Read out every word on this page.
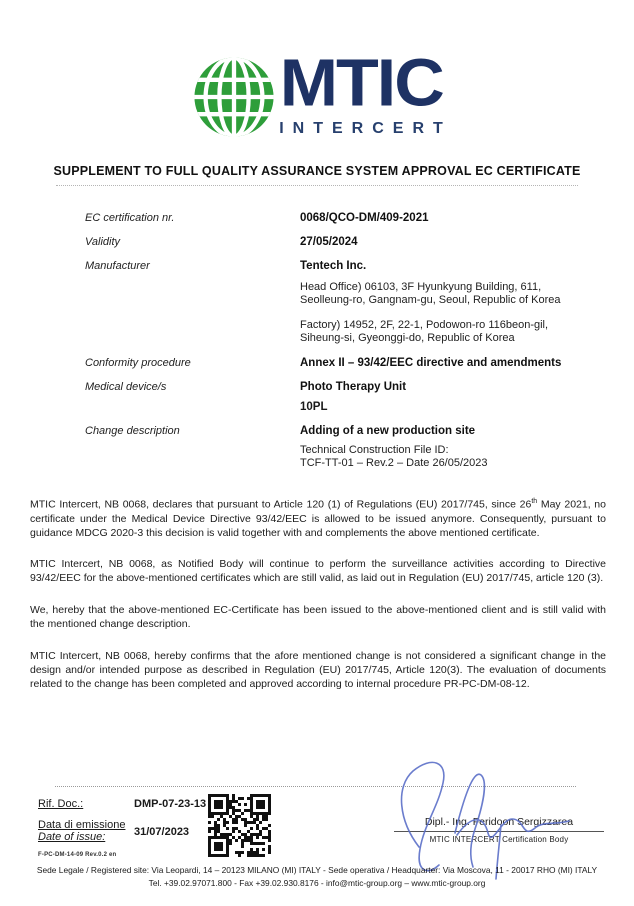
MTIC
INTERCERT
SUPPLEMENT TO FULL QUALITY ASSURANCE SYSTEM APPROVAL EC CERTIFICATE
EC certification nr.	0068/QCO-DM/409-2021
Validity	27/05/2024
Manufacturer	Tentech Inc.
Head Office) 06103, 3F Hyunkyung Building, 611, Seolleung-ro, Gangnam-gu, Seoul, Republic of Korea
Factory) 14952, 2F, 22-1, Podowon-ro 116beon-gil, Siheung-si, Gyeonggi-do, Republic of Korea
Conformity procedure	Annex II – 93/42/EEC directive and amendments
Medical device/s	Photo Therapy Unit
10PL
Change description	Adding of a new production site
Technical Construction File ID:
TCF-TT-01 – Rev.2 – Date 26/05/2023

MTIC Intercert, NB 0068, declares that pursuant to Article 120 (1) of Regulations (EU) 2017/745, since 26th May 2021, no certificate under the Medical Device Directive 93/42/EEC is allowed to be issued anymore. Consequently, pursuant to guidance MDCG 2020-3 this decision is valid together with and complements the above mentioned certificate.

MTIC Intercert, NB 0068, as Notified Body will continue to perform the surveillance activities according to Directive 93/42/EEC for the above-mentioned certificates which are still valid, as laid out in Regulation (EU) 2017/745, article 120 (3).

We, hereby that the above-mentioned EC-Certificate has been issued to the above-mentioned client and is still valid with the mentioned change description.

MTIC Intercert, NB 0068, hereby confirms that the afore mentioned change is not considered a significant change in the design and/or intended purpose as described in Regulation (EU) 2017/745, Article 120(3). The evaluation of documents related to the change has been completed and approved according to internal procedure PR-PC-DM-08-12.

Rif. Doc.:	DMP-07-23-13
Data di emissione
Date of issue:	31/07/2023
F-PC-DM-14-09 Rev.0.2 en
Dipl.- Ing. Feridoon Sergizzarea
MTIC INTERCERT Certification Body
Sede Legale / Registered site: Via Leopardi, 14 – 20123 MILANO (MI) ITALY - Sede operativa / Headquarter: Via Moscova, 11 - 20017 RHO (MI) ITALY
Tel. +39.02.97071.800 - Fax +39.02.930.8176 - info@mtic-group.org – www.mtic-group.org
